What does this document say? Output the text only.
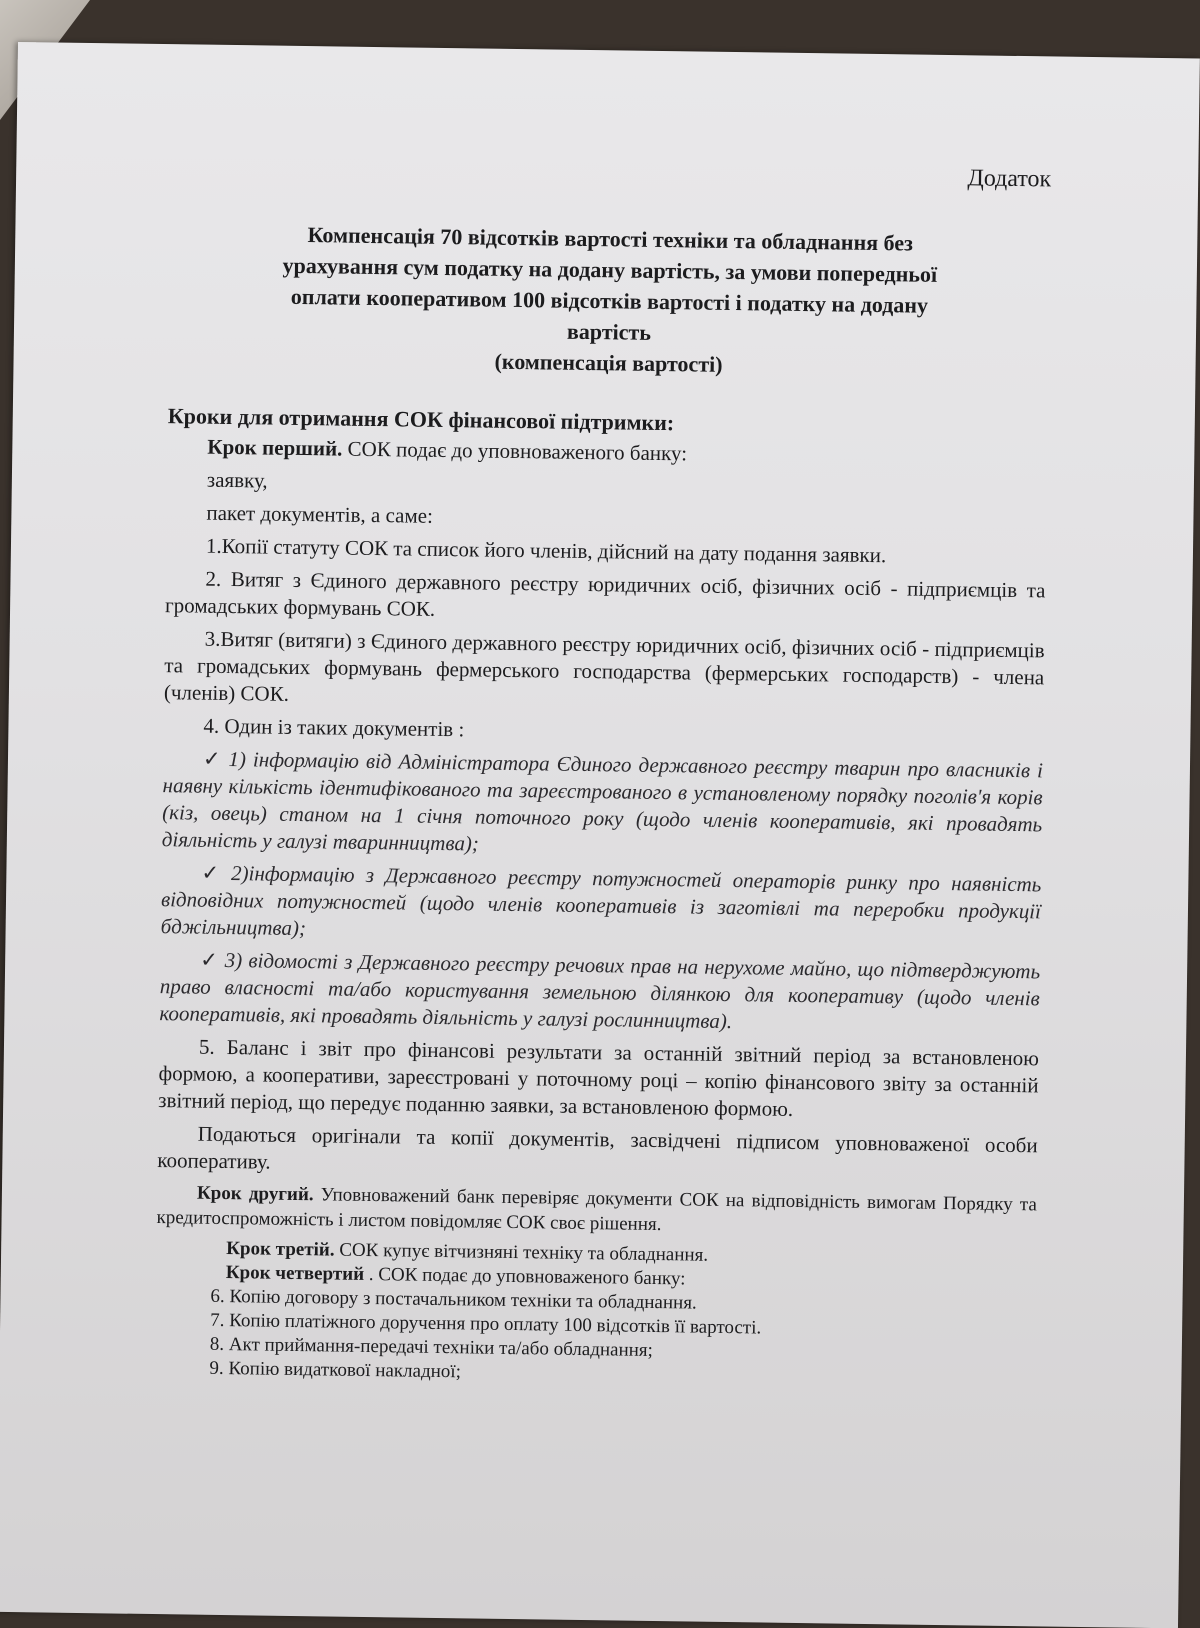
Додаток
Компенсація 70 відсотків вартості техніки та обладнання без
урахування сум податку на додану вартість, за умови попередньої
оплати кооперативом 100 відсотків вартості і податку на додану
вартість
(компенсація вартості)
Кроки для отримання СОК фінансової підтримки:

Крок перший. СОК подає до уповноваженого банку:

заявку,

пакет документів, а саме:

1.Копії статуту СОК та список його членів, дійсний на дату подання заявки.

2. Витяг з Єдиного державного реєстру юридичних осіб, фізичних осіб - підприємців та громадських формувань СОК.

3.Витяг (витяги) з Єдиного державного реєстру юридичних осіб, фізичних осіб - підприємців та громадських формувань фермерського господарства (фермерських господарств) - члена (членів) СОК.

4. Один із таких документів :

✓ 1) інформацію від Адміністратора Єдиного державного реєстру тварин про власників і наявну кількість ідентифікованого та зареєстрованого в установленому порядку поголів'я корів (кіз, овець) станом на 1 січня поточного року (щодо членів кооперативів, які провадять діяльність у галузі тваринництва);

✓ 2)інформацію з Державного реєстру потужностей операторів ринку про наявність відповідних потужностей (щодо членів кооперативів із заготівлі та переробки продукції бджільництва);

✓ 3) відомості з Державного реєстру речових прав на нерухоме майно, що підтверджують право власності та/або користування земельною ділянкою для кооперативу (щодо членів кооперативів, які провадять діяльність у галузі рослинництва).

5. Баланс і звіт про фінансові результати за останній звітний період за встановленою формою, а кооперативи, зареєстровані у поточному році – копію фінансового звіту за останній звітний період, що передує поданню заявки, за встановленою формою.

Подаються оригінали та копії документів, засвідчені підписом уповноваженої особи кооперативу.

Крок другий. Уповноважений банк перевіряє документи СОК на відповідність вимогам Порядку та кредитоспроможність і листом повідомляє СОК своє рішення.

Крок третій. СОК купує вітчизняні техніку та обладнання.

Крок четвертий . СОК подає до уповноваженого банку:

6. Копію договору з постачальником техніки та обладнання.

7. Копію платіжного доручення про оплату 100 відсотків її вартості.

8. Акт приймання-передачі техніки та/або обладнання;

9. Копію видаткової накладної;
